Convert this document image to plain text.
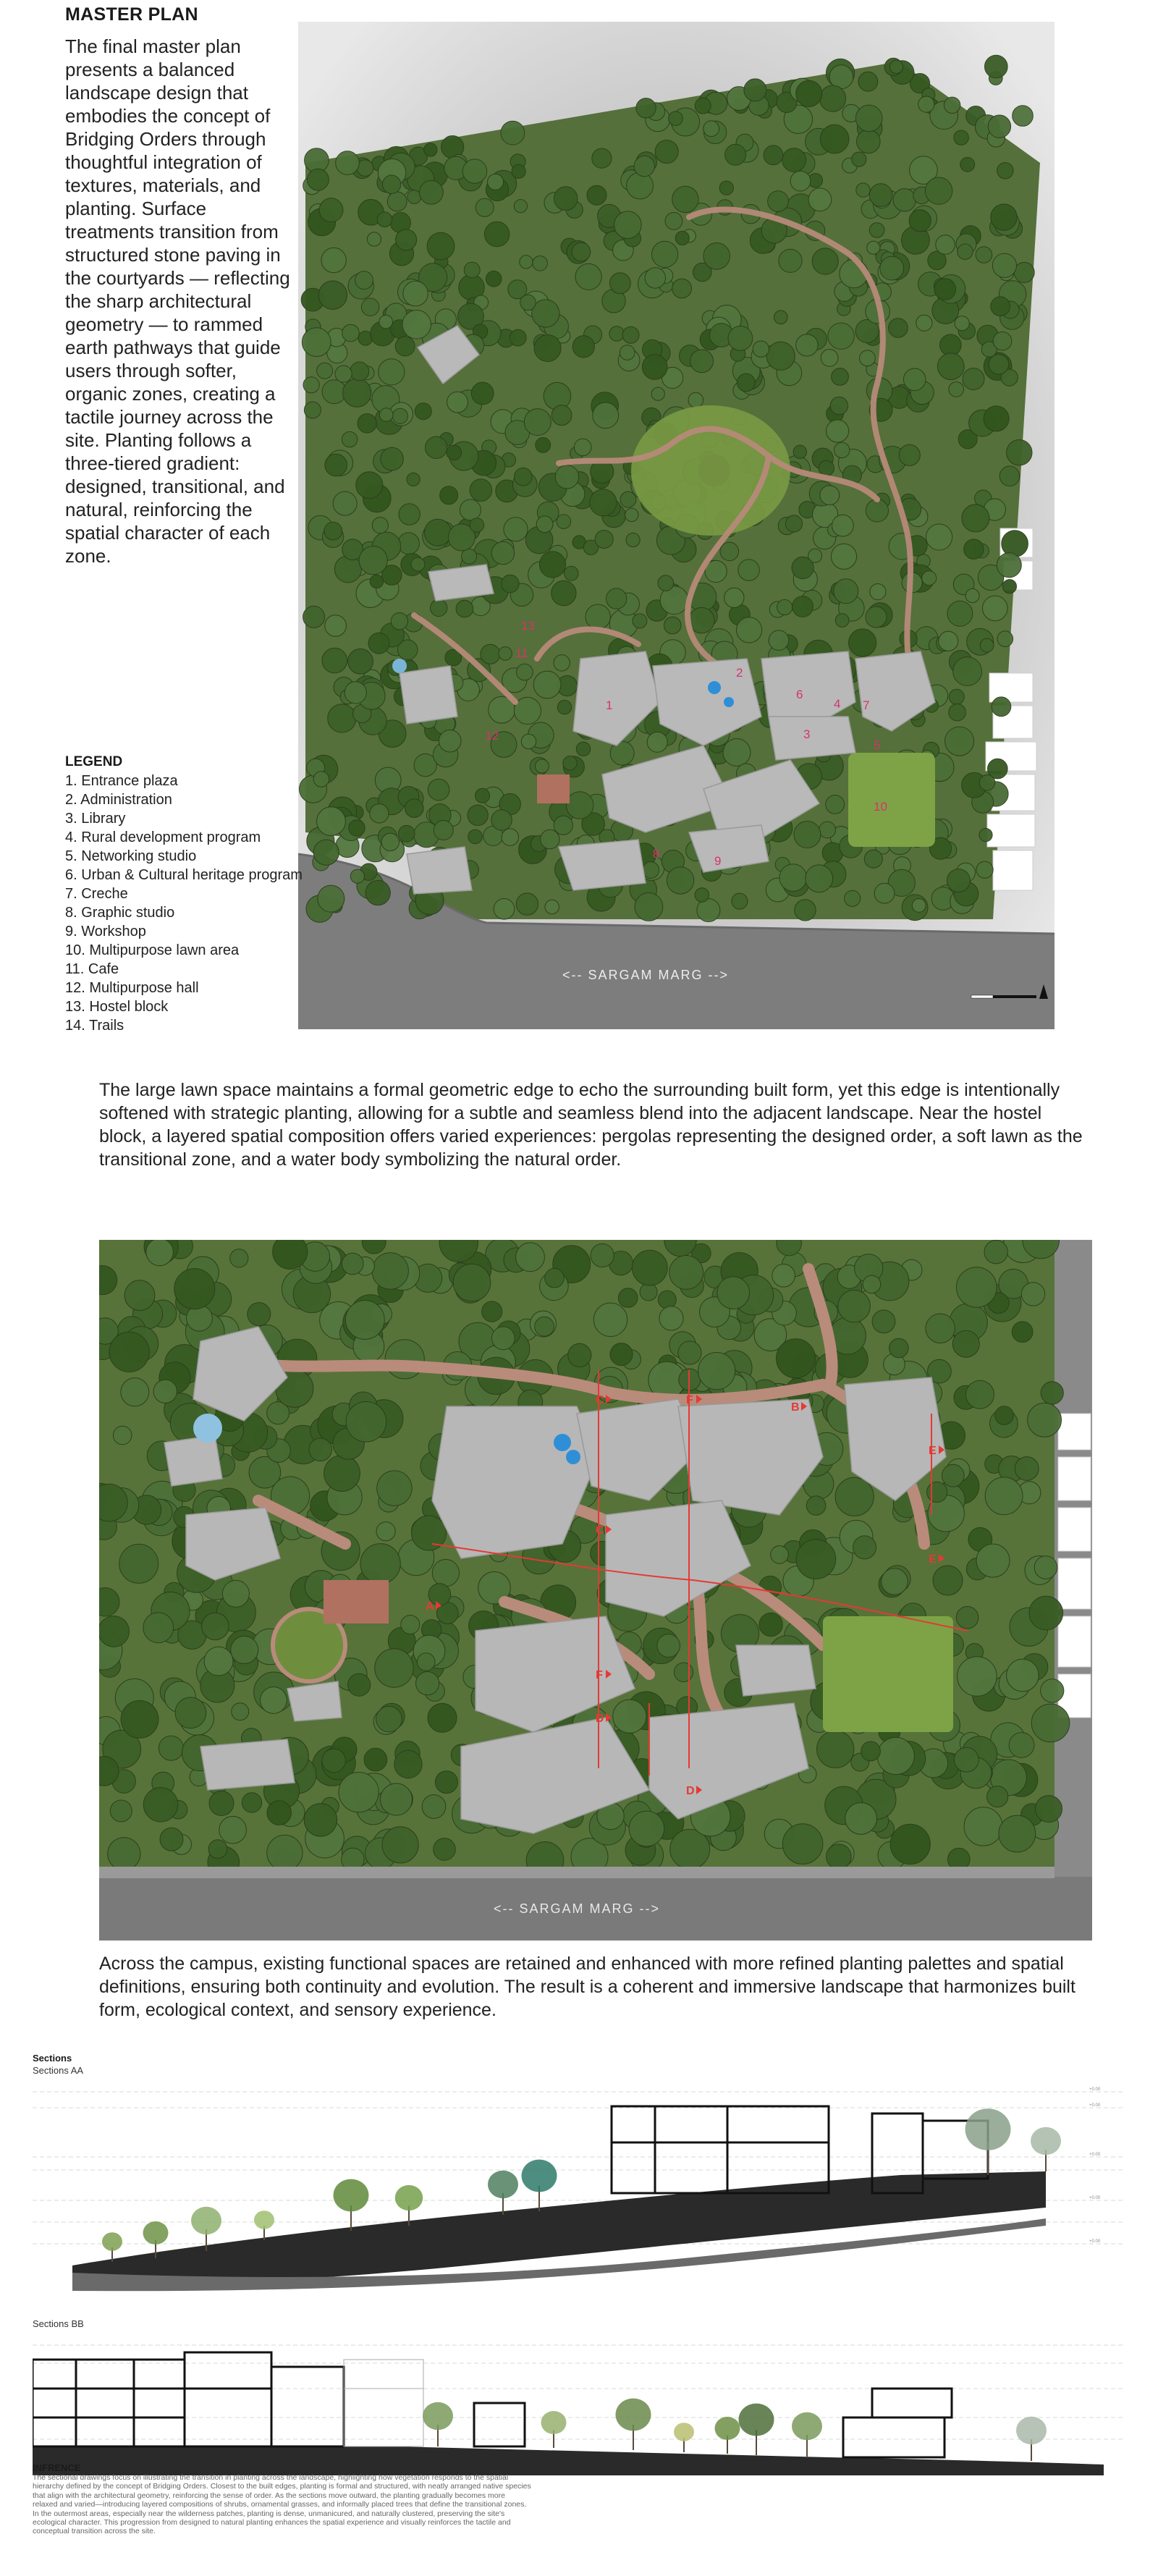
MASTER PLAN
The final master plan presents a balanced landscape design that embodies the concept of Bridging Orders through thoughtful integration of textures, materials, and planting. Surface treatments transition from structured stone paving in the courtyards — reflecting the sharp architectural geometry — to rammed earth pathways that guide users through softer, organic zones, creating a tactile journey across the site. Planting follows a three-tiered gradient: designed, transitional, and natural, reinforcing the spatial character of each zone.
1
2
3
4
5
6
7
8
9
10
11
12
13
<-- SARGAM MARG -->
LEGEND
1. Entrance plaza
2. Administration
3. Library
4. Rural development program
5. Networking studio
6. Urban & Cultural heritage program
7. Creche
8. Graphic studio
9. Workshop
10. Multipurpose lawn area
11. Cafe
12. Multipurpose hall
13. Hostel block
14. Trails
The large lawn space maintains a formal geometric edge to echo the surrounding built form, yet this edge is intentionally softened with strategic planting, allowing for a subtle and seamless blend into the adjacent landscape. Near the hostel block, a layered spatial composition offers varied experiences: pergolas representing the designed order, a soft lawn as the transitional zone, and a water body symbolizing the natural order.
A
B
C
C
D
D
E
E
F
F
<-- SARGAM MARG -->
Across the campus, existing functional spaces are retained and enhanced with more refined planting palettes and spatial definitions, ensuring both continuity and evolution. The result is a coherent and immersive landscape that harmonizes built form, ecological context, and sensory experience.
Sections
Sections AA
+0.00
+0.00
+0.00
+0.00
+0.00
Sections BB
INFRENCE
The sectional drawings focus on illustrating the transition in planting across the landscape, highlighting how vegetation responds to the spatial hierarchy defined by the concept of Bridging Orders. Closest to the built edges, planting is formal and structured, with neatly arranged native species that align with the architectural geometry, reinforcing the sense of order. As the sections move outward, the planting gradually becomes more relaxed and varied—introducing layered compositions of shrubs, ornamental grasses, and informally placed trees that define the transitional zones. In the outermost areas, especially near the wilderness patches, planting is dense, unmanicured, and naturally clustered, preserving the site's ecological character. This progression from designed to natural planting enhances the spatial experience and visually reinforces the tactile and conceptual transition across the site.
